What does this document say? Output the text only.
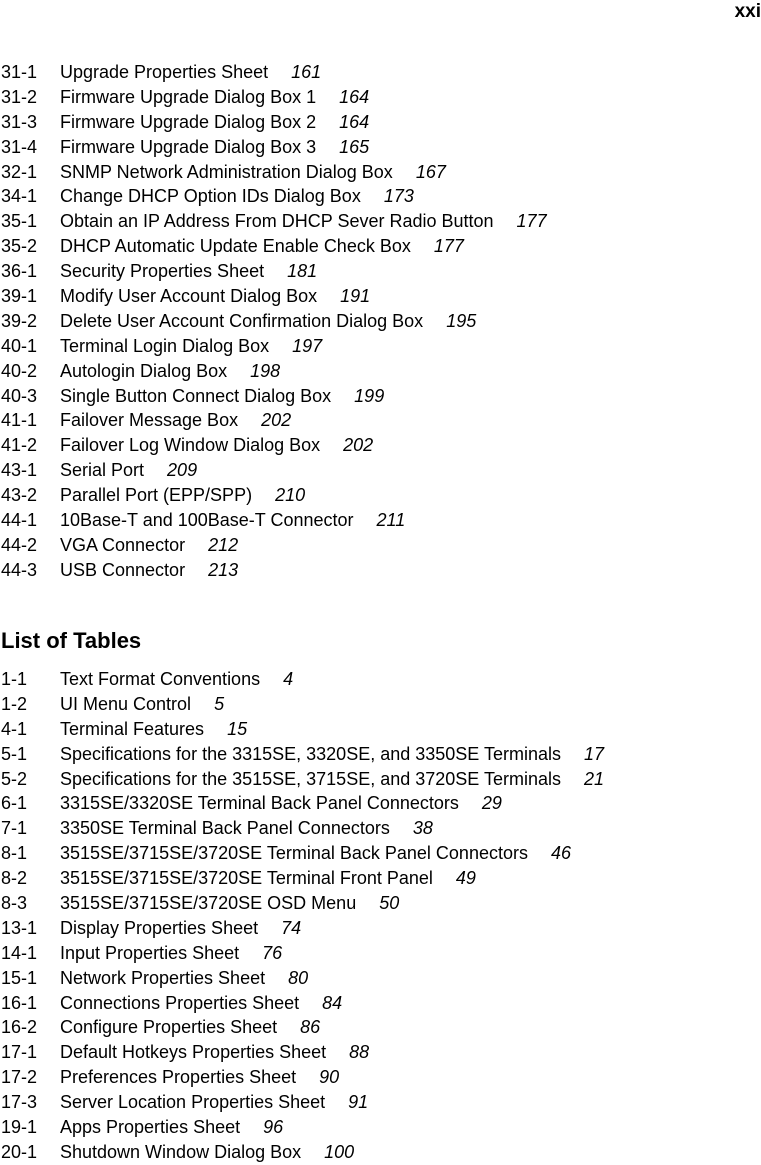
xxi
31-1 Upgrade Properties Sheet 161
31-2 Firmware Upgrade Dialog Box 1 164
31-3 Firmware Upgrade Dialog Box 2 164
31-4 Firmware Upgrade Dialog Box 3 165
32-1 SNMP Network Administration Dialog Box 167
34-1 Change DHCP Option IDs Dialog Box 173
35-1 Obtain an IP Address From DHCP Sever Radio Button 177
35-2 DHCP Automatic Update Enable Check Box 177
36-1 Security Properties Sheet 181
39-1 Modify User Account Dialog Box 191
39-2 Delete User Account Confirmation Dialog Box 195
40-1 Terminal Login Dialog Box 197
40-2 Autologin Dialog Box 198
40-3 Single Button Connect Dialog Box 199
41-1 Failover Message Box 202
41-2 Failover Log Window Dialog Box 202
43-1 Serial Port 209
43-2 Parallel Port (EPP/SPP) 210
44-1 10Base-T and 100Base-T Connector 211
44-2 VGA Connector 212
44-3 USB Connector 213
List of Tables
1-1 Text Format Conventions 4
1-2 UI Menu Control 5
4-1 Terminal Features 15
5-1 Specifications for the 3315SE, 3320SE, and 3350SE Terminals 17
5-2 Specifications for the 3515SE, 3715SE, and 3720SE Terminals 21
6-1 3315SE/3320SE Terminal Back Panel Connectors 29
7-1 3350SE Terminal Back Panel Connectors 38
8-1 3515SE/3715SE/3720SE Terminal Back Panel Connectors 46
8-2 3515SE/3715SE/3720SE Terminal Front Panel 49
8-3 3515SE/3715SE/3720SE OSD Menu 50
13-1 Display Properties Sheet 74
14-1 Input Properties Sheet 76
15-1 Network Properties Sheet 80
16-1 Connections Properties Sheet 84
16-2 Configure Properties Sheet 86
17-1 Default Hotkeys Properties Sheet 88
17-2 Preferences Properties Sheet 90
17-3 Server Location Properties Sheet 91
19-1 Apps Properties Sheet 96
20-1 Shutdown Window Dialog Box 100
